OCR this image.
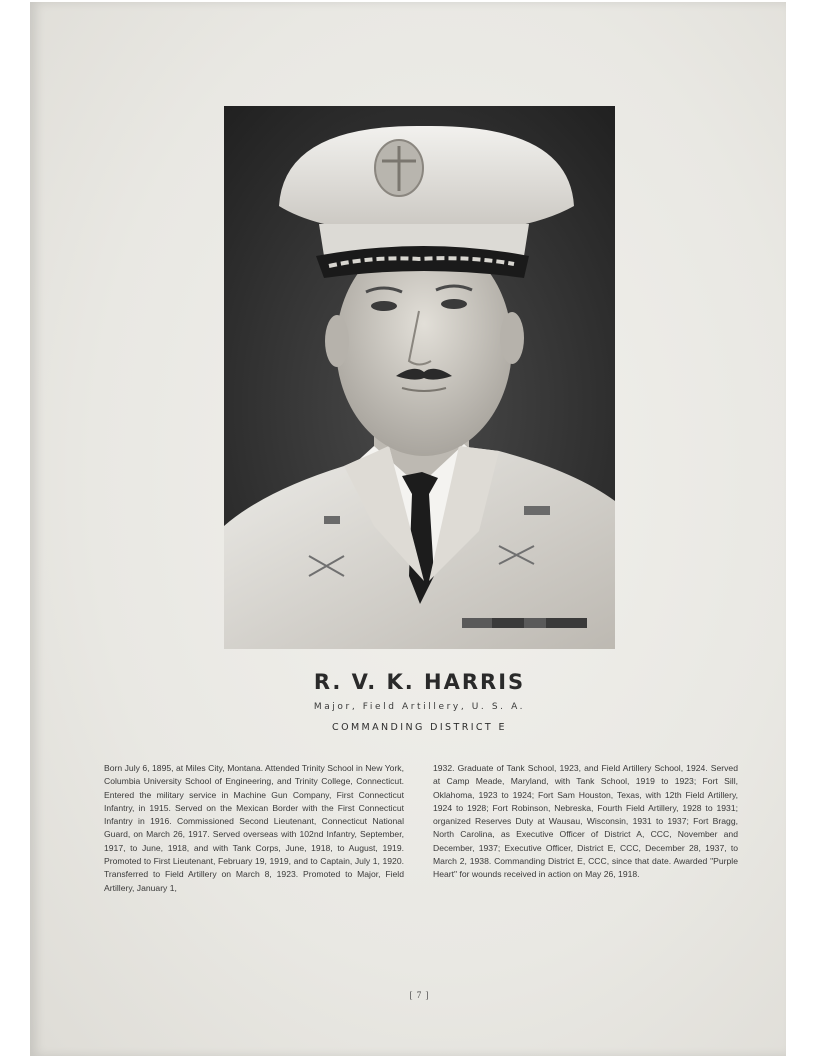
R. V. K. HARRIS
Major, Field Artillery, U. S. A.
COMMANDING DISTRICT E

Born July 6, 1895, at Miles City, Montana. Attended Trinity School in New York, Columbia University School of Engineering, and Trinity College, Connecticut. Entered the military service in Machine Gun Company, First Connecticut Infantry, in 1915. Served on the Mexican Border with the First Connecticut Infantry in 1916. Commissioned Second Lieutenant, Connecticut National Guard, on March 26, 1917. Served overseas with 102nd Infantry, September, 1917, to June, 1918, and with Tank Corps, June, 1918, to August, 1919. Promoted to First Lieutenant, February 19, 1919, and to Captain, July 1, 1920. Transferred to Field Artillery on March 8, 1923. Promoted to Major, Field Artillery, January 1,

1932. Graduate of Tank School, 1923, and Field Artillery School, 1924. Served at Camp Meade, Maryland, with Tank School, 1919 to 1923; Fort Sill, Oklahoma, 1923 to 1924; Fort Sam Houston, Texas, with 12th Field Artillery, 1924 to 1928; Fort Robinson, Nebreska, Fourth Field Artillery, 1928 to 1931; organized Reserves Duty at Wausau, Wisconsin, 1931 to 1937; Fort Bragg, North Carolina, as Executive Officer of District A, CCC, November and December, 1937; Executive Officer, District E, CCC, December 28, 1937, to March 2, 1938. Commanding District E, CCC, since that date. Awarded "Purple Heart" for wounds received in action on May 26, 1918.

[ 7 ]
